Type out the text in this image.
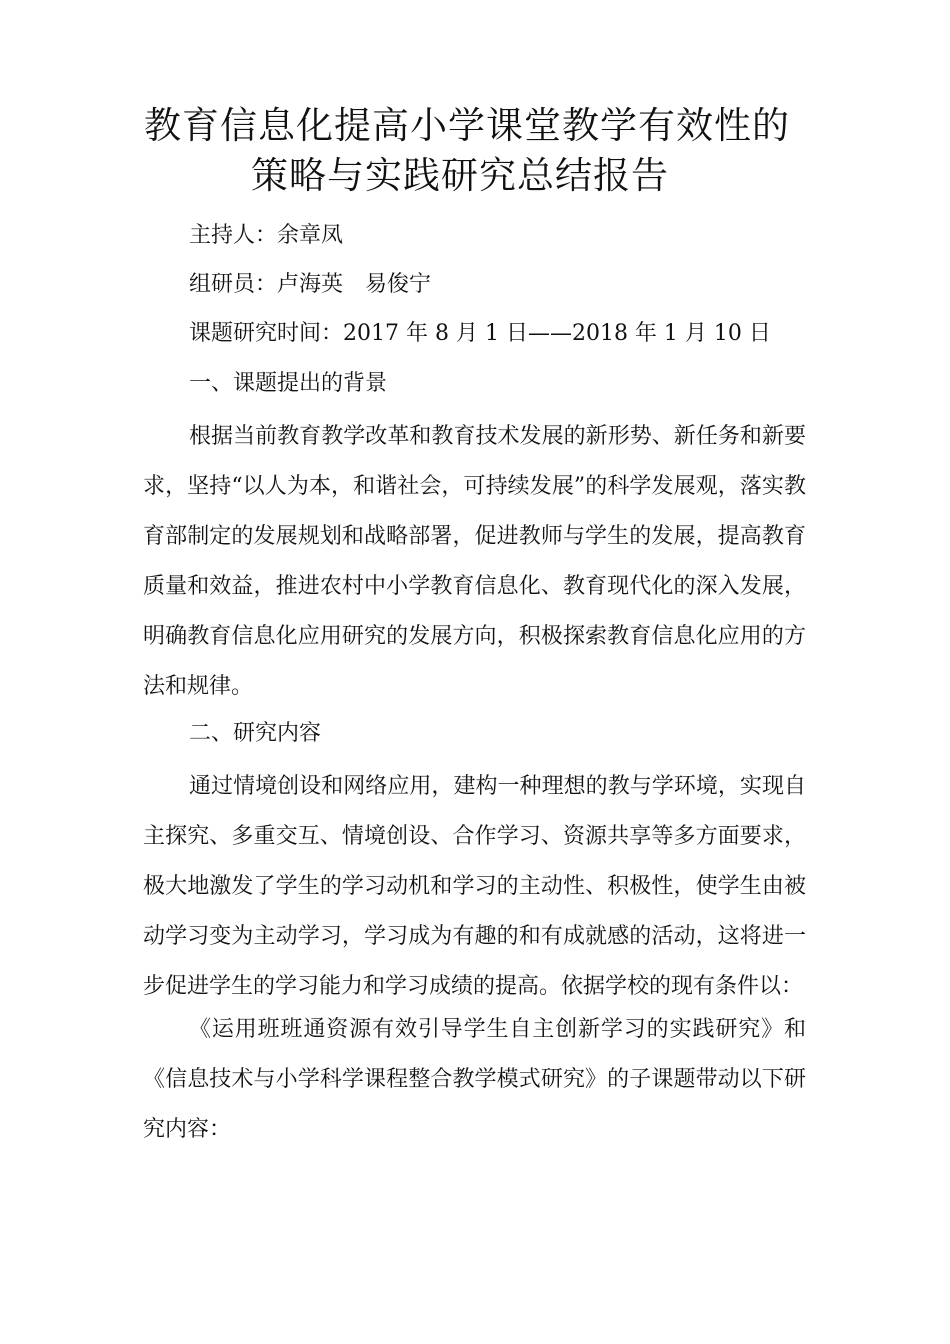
教育信息化提高小学课堂教学有效性的
策略与实践研究总结报告
主持人：余章凤
组研员：卢海英 易俊宁
课题研究时间：2017 年 8 月 1 日——2018 年 1 月 10 日
一、课题提出的背景

根据当前教育教学改革和教育技术发展的新形势、新任务和新要求，坚持“以人为本，和谐社会，可持续发展”的科学发展观，落实教育部制定的发展规划和战略部署，促进教师与学生的发展，提高教育质量和效益，推进农村中小学教育信息化、教育现代化的深入发展，明确教育信息化应用研究的发展方向，积极探索教育信息化应用的方法和规律。

二、研究内容

通过情境创设和网络应用，建构一种理想的教与学环境，实现自主探究、多重交互、情境创设、合作学习、资源共享等多方面要求，极大地激发了学生的学习动机和学习的主动性、积极性，使学生由被动学习变为主动学习，学习成为有趣的和有成就感的活动，这将进一步促进学生的学习能力和学习成绩的提高。依据学校的现有条件以：

《运用班班通资源有效引导学生自主创新学习的实践研究》和《信息技术与小学科学课程整合教学模式研究》的子课题带动以下研究内容：
